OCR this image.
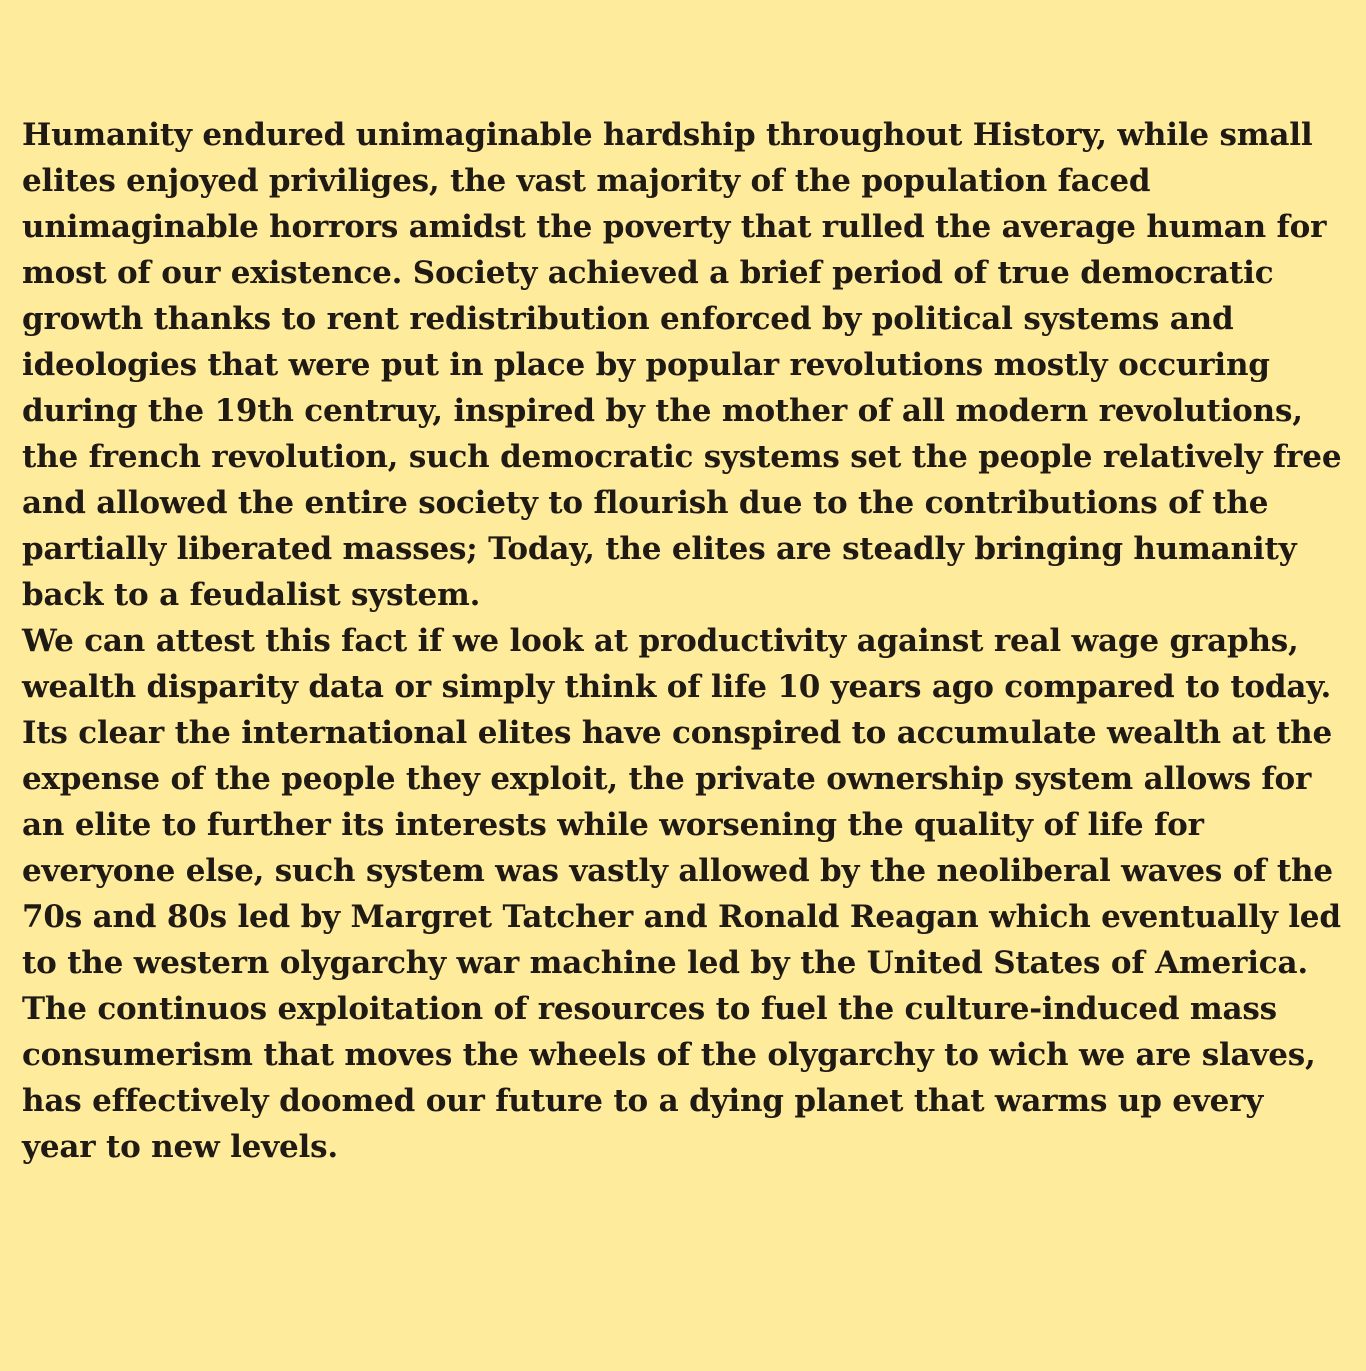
Humanity endured unimaginable hardship throughout History, while small
elites enjoyed priviliges, the vast majority of the population faced
unimaginable horrors amidst the poverty that rulled the average human for
most of our existence. Society achieved a brief period of true democratic
growth thanks to rent redistribution enforced by political systems and
ideologies that were put in place by popular revolutions mostly occuring
during the 19th centruy, inspired by the mother of all modern revolutions,
the french revolution, such democratic systems set the people relatively free
and allowed the entire society to flourish due to the contributions of the
partially liberated masses; Today, the elites are steadly bringing humanity
back to a feudalist system.
We can attest this fact if we look at productivity against real wage graphs,
wealth disparity data or simply think of life 10 years ago compared to today.
Its clear the international elites have conspired to accumulate wealth at the
expense of the people they exploit, the private ownership system allows for
an elite to further its interests while worsening the quality of life for
everyone else, such system was vastly allowed by the neoliberal waves of the
70s and 80s led by Margret Tatcher and Ronald Reagan which eventually led
to the western olygarchy war machine led by the United States of America.
The continuos exploitation of resources to fuel the culture-induced mass
consumerism that moves the wheels of the olygarchy to wich we are slaves,
has effectively doomed our future to a dying planet that warms up every
year to new levels.
